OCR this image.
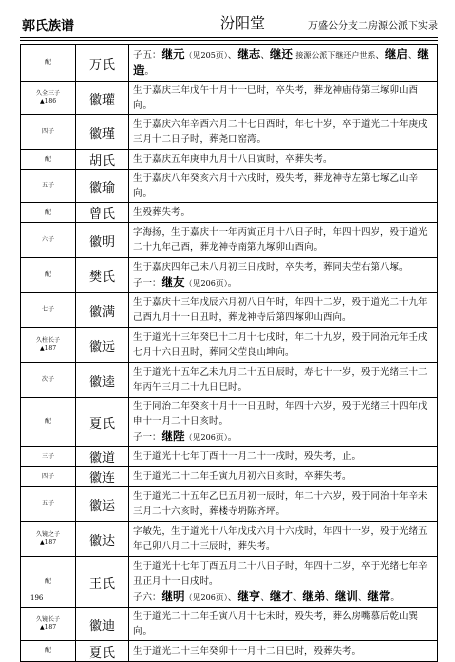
郭氏族谱	汾阳堂	万盛公分支二房源公派下实录
配	万氏	子五：继元（见205页）、继志、继还 接源公派下继还户世系、继启、继造。

久全三子
▲186	徽瓘	生于嘉庆三年戊午十月十一巳时，卒失考，葬龙神庙侍第三塚卯山酉向。

四子	徽瑾	生于嘉庆六年辛酉六月二十七日酉时，年七十岁，卒于道光二十年庚戌三月十二日子时，葬尧口窑湾。

配	胡氏	生于嘉庆五年庚申九月十八日寅时，卒葬失考。

五子	徽瑜	生于嘉庆八年癸亥六月十六戌时，殁失考，葬龙神寺左第七塚乙山辛向。

配	曾氏	生殁葬失考。

六子	徽明	字海扬，生于嘉庆十一年丙寅正月十八日子时，年四十四岁，殁于道光二十九年己酉，葬龙神寺南第九塚卯山酉向。

配	樊氏	生于嘉庆四年己未八月初三日戌时，卒失考，葬同夫茔右第八塚。
子一：继友（见206页）。

七子	徽满	生于嘉庆十三年戊辰六月初八日午时，年四十二岁，殁于道光二十九年己酉九月十一日丑时，葬龙神寺后第四塚卯山酉向。

久柱长子
▲187	徽远	生于道光十三年癸巳十二月十七戌时，年二十九岁，殁于同治元年壬戌七月十六日丑时，葬同父茔良山坤向。

次子	徽逵	生于道光十五年乙未九月二十五日辰时，寿七十一岁，殁于光绪三十二年丙午三月二十九日巳时。

配	夏氏	生于同治二年癸亥十月十一日丑时，年四十六岁，殁于光绪三十四年戊申十一月二十日亥时。
子一：继陛（见206页）。

三子	徽道	生于道光十七年丁酉十一月二十一戌时，殁失考，止。

四子	徽连	生于道光二十二年壬寅九月初六日亥时，卒葬失考。

五子	徽运	生于道光二十五年乙巳五月初一辰时，年二十六岁，殁于同治十年辛未三月二十六亥时，葬楼寺坍陈齐坪。

久镜之子
▲187	徽达	字敏先，生于道光十八年戊戌六月十六戌时，年四十一岁，殁于光绪五年己卯八月二十三辰时，葬失考。

配	王氏	生于道光十七年丁酉五月二十八日子时，年四十二岁，卒于光绪七年辛丑正月十一日戌时。
子六：继明（见206页）、继亨、继才、继弟、继训、继常。

久镜长子
▲187	徽迪	生于道光二十二年壬寅八月十七未时，殁失考，葬么房嘴慕后乾山巽向。

配	夏氏	生于道光二十三年癸卯十一月十二日巳时，殁葬失考。
196
